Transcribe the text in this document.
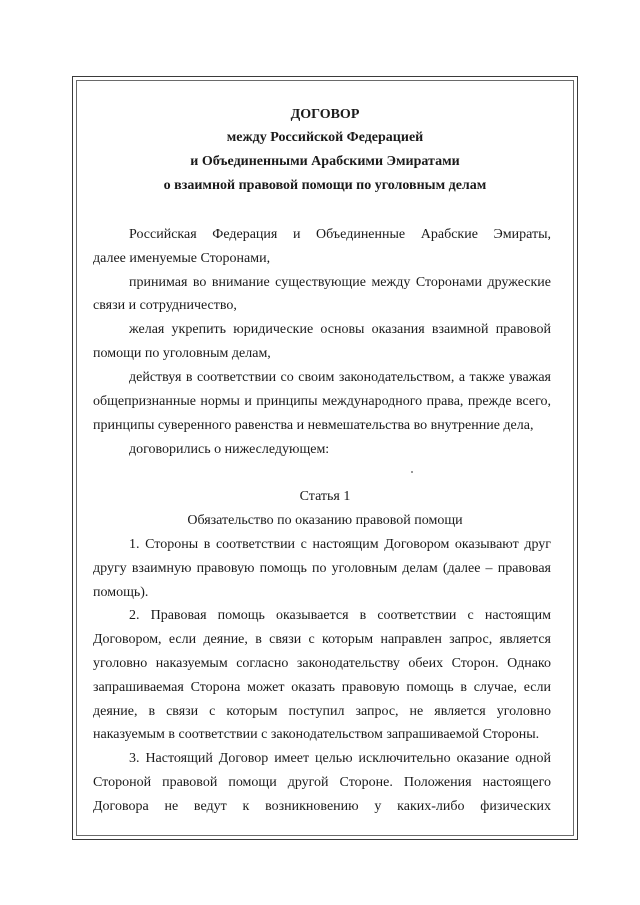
ДОГОВОР

между Российской Федерацией

и Объединенными Арабскими Эмиратами

о взаимной правовой помощи по уголовным делам

Российская Федерация и Объединенные Арабские Эмираты,

далее именуемые Сторонами,

принимая во внимание существующие между Сторонами дружеские

связи и сотрудничество,

желая укрепить юридические основы оказания взаимной правовой

помощи по уголовным делам,

действуя в соответствии со своим законодательством, а также уважая

общепризнанные нормы и принципы международного права, прежде всего,

принципы суверенного равенства и невмешательства во внутренние дела,

договорились о нижеследующем:

Статья 1

Обязательство по оказанию правовой помощи

1. Стороны в соответствии с настоящим Договором оказывают друг

другу взаимную правовую помощь по уголовным делам (далее – правовая

помощь).

2. Правовая помощь оказывается в соответствии с настоящим

Договором, если деяние, в связи с которым направлен запрос, является

уголовно наказуемым согласно законодательству обеих Сторон. Однако

запрашиваемая Сторона может оказать правовую помощь в случае, если

деяние, в связи с которым поступил запрос, не является уголовно

наказуемым в соответствии с законодательством запрашиваемой Стороны.

3. Настоящий Договор имеет целью исключительно оказание одной

Стороной правовой помощи другой Стороне. Положения настоящего

Договора не ведут к возникновению у каких-либо физических
